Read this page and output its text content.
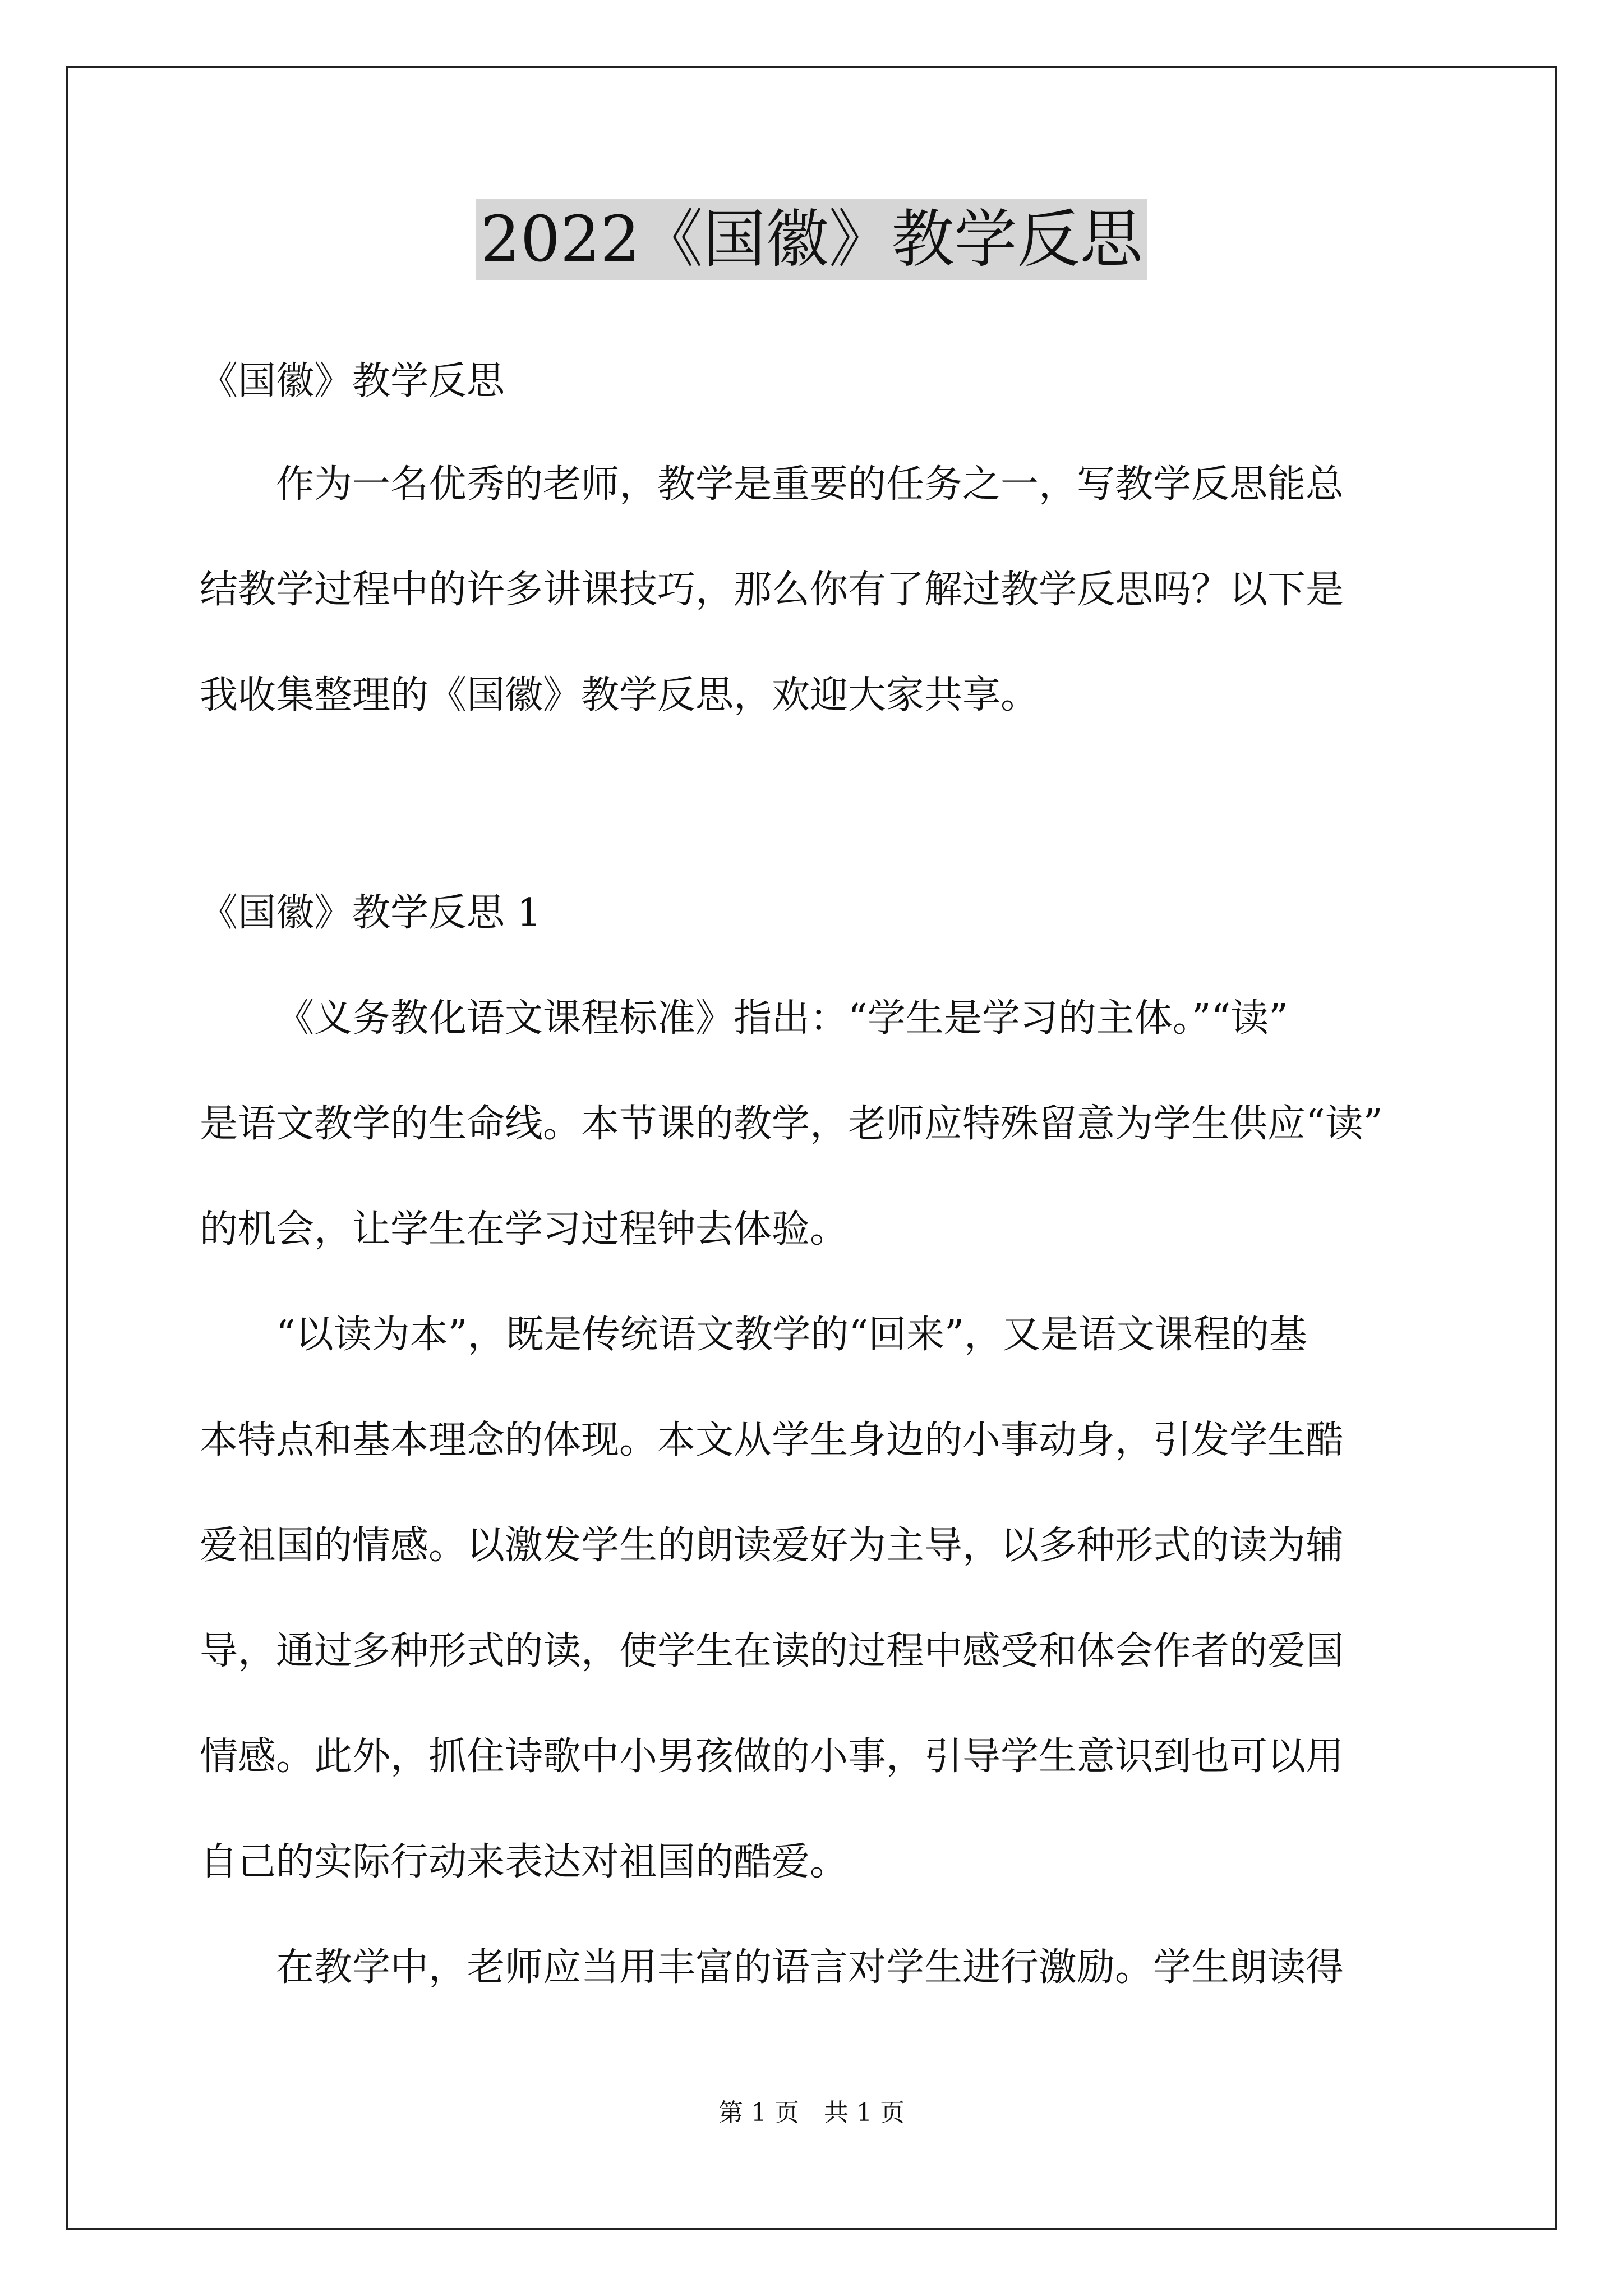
2022《国徽》教学反思
《国徽》教学反思

作为一名优秀的老师，教学是重要的任务之一，写教学反思能总

结教学过程中的许多讲课技巧，那么你有了解过教学反思吗？以下是

我收集整理的《国徽》教学反思，欢迎大家共享。

《国徽》教学反思 1

《义务教化语文课程标准》指出：“学生是学习的主体。”“读”

是语文教学的生命线。本节课的教学，老师应特殊留意为学生供应“读”

的机会，让学生在学习过程钟去体验。

“以读为本”，既是传统语文教学的“回来”，又是语文课程的基

本特点和基本理念的体现。本文从学生身边的小事动身，引发学生酷

爱祖国的情感。以激发学生的朗读爱好为主导，以多种形式的读为辅

导，通过多种形式的读，使学生在读的过程中感受和体会作者的爱国

情感。此外，抓住诗歌中小男孩做的小事，引导学生意识到也可以用

自己的实际行动来表达对祖国的酷爱。

在教学中，老师应当用丰富的语言对学生进行激励。学生朗读得

第 1 页　共 1 页
